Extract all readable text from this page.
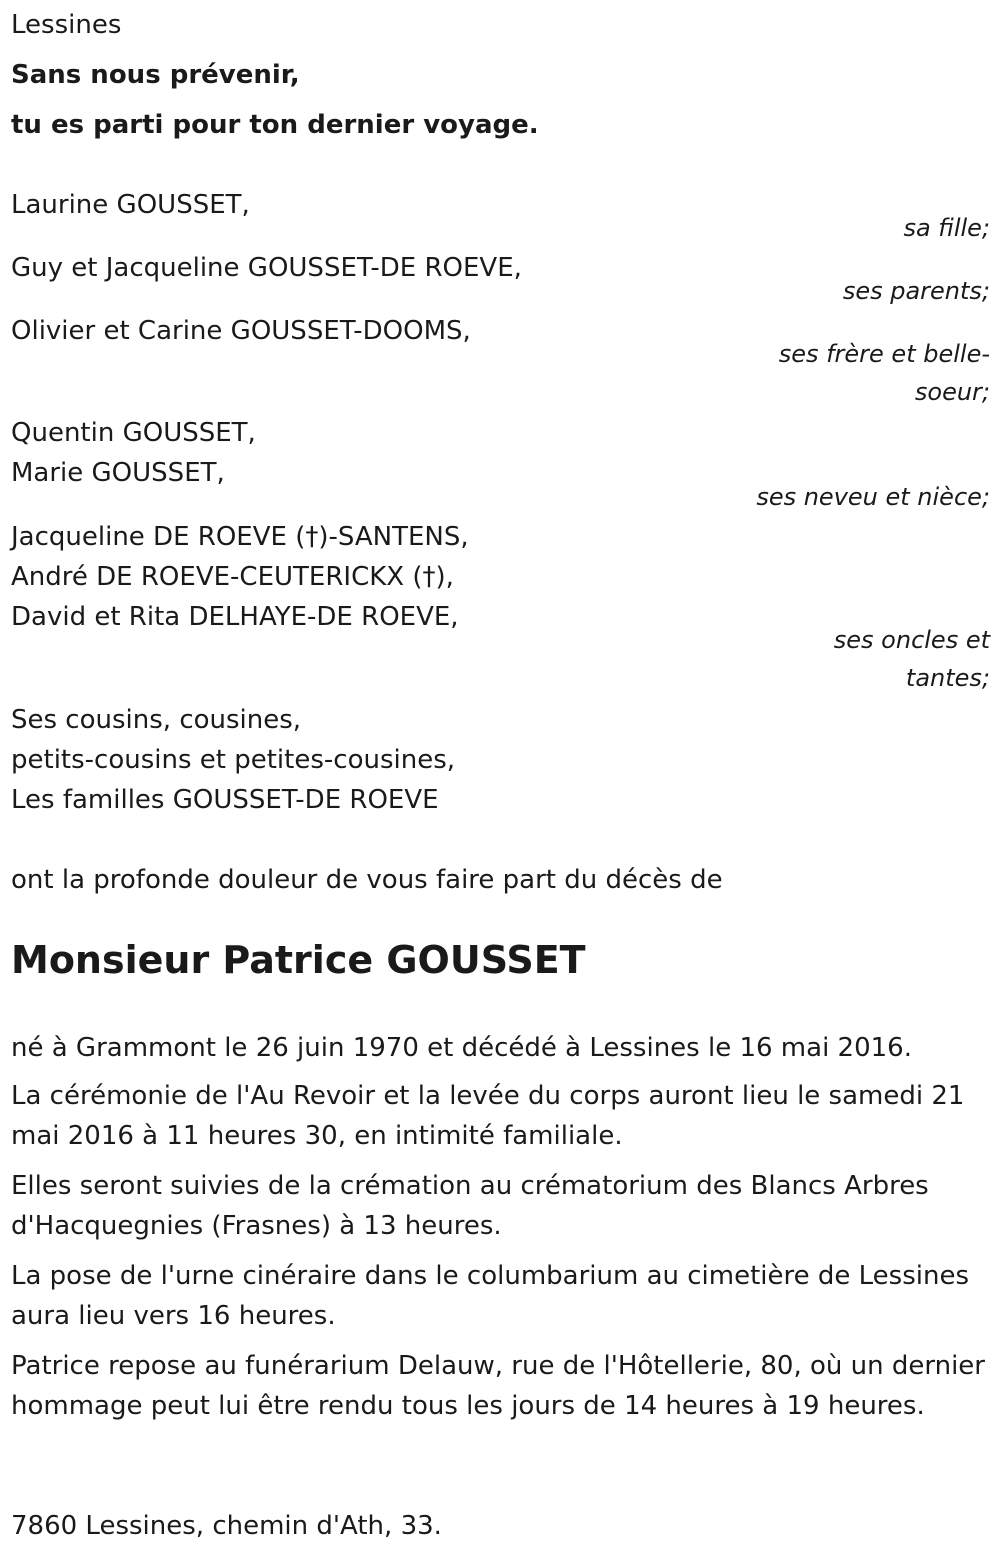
Lessines
Sans nous prévenir,
tu es parti pour ton dernier voyage.
Laurine GOUSSET,
sa fille;
Guy et Jacqueline GOUSSET-DE ROEVE,
ses parents;
Olivier et Carine GOUSSET-DOOMS,
ses frère et belle-soeur;
Quentin GOUSSET,
Marie GOUSSET,
ses neveu et nièce;
Jacqueline DE ROEVE (†)-SANTENS,
André DE ROEVE-CEUTERICKX (†),
David et Rita DELHAYE-DE ROEVE,
ses oncles et tantes;
Ses cousins, cousines,
petits-cousins et petites-cousines,
Les familles GOUSSET-DE ROEVE
ont la profonde douleur de vous faire part du décès de
Monsieur Patrice GOUSSET
né à Grammont le 26 juin 1970 et décédé à Lessines le 16 mai 2016.
La cérémonie de l'Au Revoir et la levée du corps auront lieu le samedi 21 mai 2016 à 11 heures 30, en intimité familiale.
Elles seront suivies de la crémation au crématorium des Blancs Arbres d'Hacquegnies (Frasnes) à 13 heures.
La pose de l'urne cinéraire dans le columbarium au cimetière de Lessines aura lieu vers 16 heures.
Patrice repose au funérarium Delauw, rue de l'Hôtellerie, 80, où un dernier hommage peut lui être rendu tous les jours de 14 heures à 19 heures.
7860 Lessines, chemin d'Ath, 33.
